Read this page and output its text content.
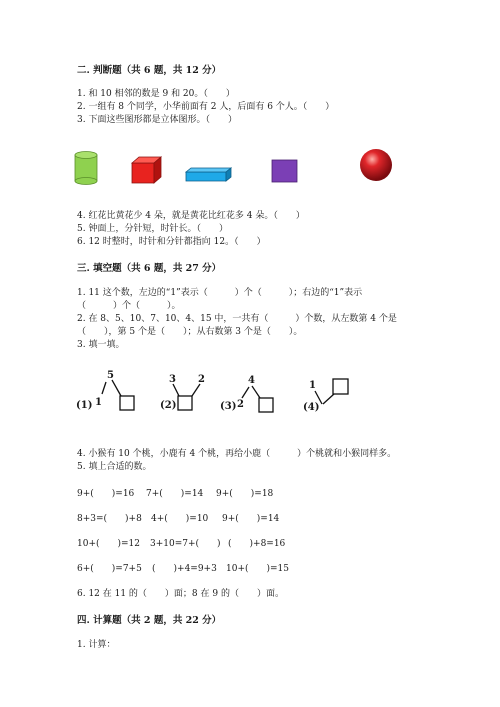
二. 判断题（共 6 题，共 12 分）
1. 和 10 相邻的数是 9 和 20。（　　）
2. 一组有 8 个同学，小华前面有 2 人，后面有 6 个人。（　　）
3. 下面这些图形都是立体图形。（　　）
4. 红花比黄花少 4 朵，就是黄花比红花多 4 朵。（　　）
5. 钟面上，分针短，时针长。（　　）
6. 12 时整时，时针和分针都指向 12。（　　）
三. 填空题（共 6 题，共 27 分）
1. 11 这个数，左边的“1”表示（　　　）个（　　　）；右边的“1”表示
（　　　）个（　　　）。
2. 在 8、5、10、7、10、4、15 中，一共有（　　　）个数，从左数第 4 个是
（　　），第 5 个是（　　）；从右数第 3 个是（　　）。
3. 填一填。
5
(1) 1
3 2
(2)
4
(3) 2
1
(4)
4. 小猴有 10 个桃，小鹿有 4 个桃，再给小鹿（　　　）个桃就和小猴同样多。
5. 填上合适的数。
9+(　　)=16 7+(　　)=14 9+(　　)=18
8+3=(　　)+8 4+(　　)=10 9+(　　)=14
10+(　　)=12 3+10=7+(　　) (　　)+8=16
6+(　　)=7+5 (　　)+4=9+3 10+(　　)=15
6. 12 在 11 的（　　）面；8 在 9 的（　　）面。
四. 计算题（共 2 题，共 22 分）
1. 计算：
